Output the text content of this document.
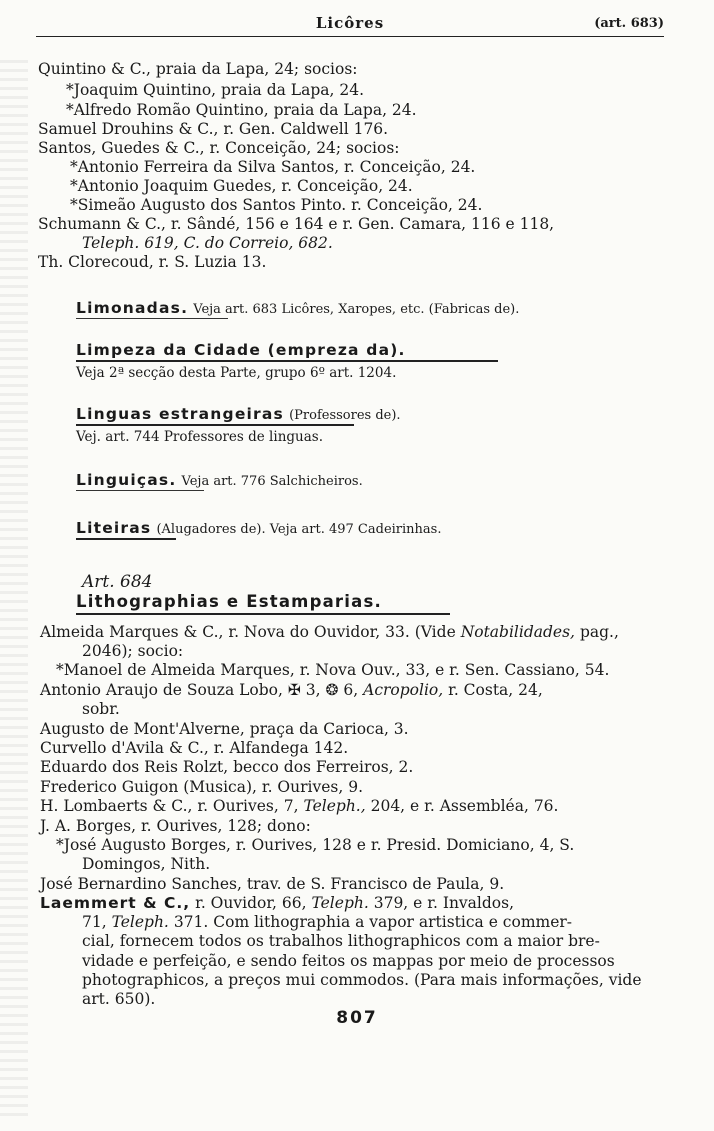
Licôres	(art. 683)
Quintino & C., praia da Lapa, 24; socios:
*Joaquim Quintino, praia da Lapa, 24.
*Alfredo Romão Quintino, praia da Lapa, 24.
Samuel Drouhins & C., r. Gen. Caldwell 176.
Santos, Guedes & C., r. Conceição, 24; socios:
*Antonio Ferreira da Silva Santos, r. Conceição, 24.
*Antonio Joaquim Guedes, r. Conceição, 24.
*Simeão Augusto dos Santos Pinto. r. Conceição, 24.
Schumann & C., r. Sândé, 156 e 164 e r. Gen. Camara, 116 e 118,
Teleph. 619, C. do Correio, 682.
Th. Clorecoud, r. S. Luzia 13.
Limonadas. Veja art. 683 Licôres, Xaropes, etc. (Fabricas de).
Limpeza da Cidade (empreza da).
Veja 2ª secção desta Parte, grupo 6º art. 1204.
Linguas estrangeiras (Professores de).
Vej. art. 744 Professores de linguas.
Linguiças. Veja art. 776 Salchicheiros.
Liteiras (Alugadores de). Veja art. 497 Cadeirinhas.
Art. 684
Lithographias e Estamparias.
Almeida Marques & C., r. Nova do Ouvidor, 33. (Vide Notabilidades, pag.,
2046); socio:
*Manoel de Almeida Marques, r. Nova Ouv., 33, e r. Sen. Cassiano, 54.
Antonio Araujo de Souza Lobo, ✠ 3, ❂ 6, Acropolio, r. Costa, 24,
sobr.
Augusto de Mont'Alverne, praça da Carioca, 3.
Curvello d'Avila & C., r. Alfandega 142.
Eduardo dos Reis Rolzt, becco dos Ferreiros, 2.
Frederico Guigon (Musica), r. Ourives, 9.
H. Lombaerts & C., r. Ourives, 7, Teleph., 204, e r. Assembléa, 76.
J. A. Borges, r. Ourives, 128; dono:
*José Augusto Borges, r. Ourives, 128 e r. Presid. Domiciano, 4, S.
Domingos, Nith.
José Bernardino Sanches, trav. de S. Francisco de Paula, 9.
Laemmert & C., r. Ouvidor, 66, Teleph. 379, e r. Invaldos,
71, Teleph. 371. Com lithographia a vapor artistica e commer-
cial, fornecem todos os trabalhos lithographicos com a maior bre-
vidade e perfeição, e sendo feitos os mappas por meio de processos
photographicos, a preços mui commodos. (Para mais informações, vide
art. 650).
807
